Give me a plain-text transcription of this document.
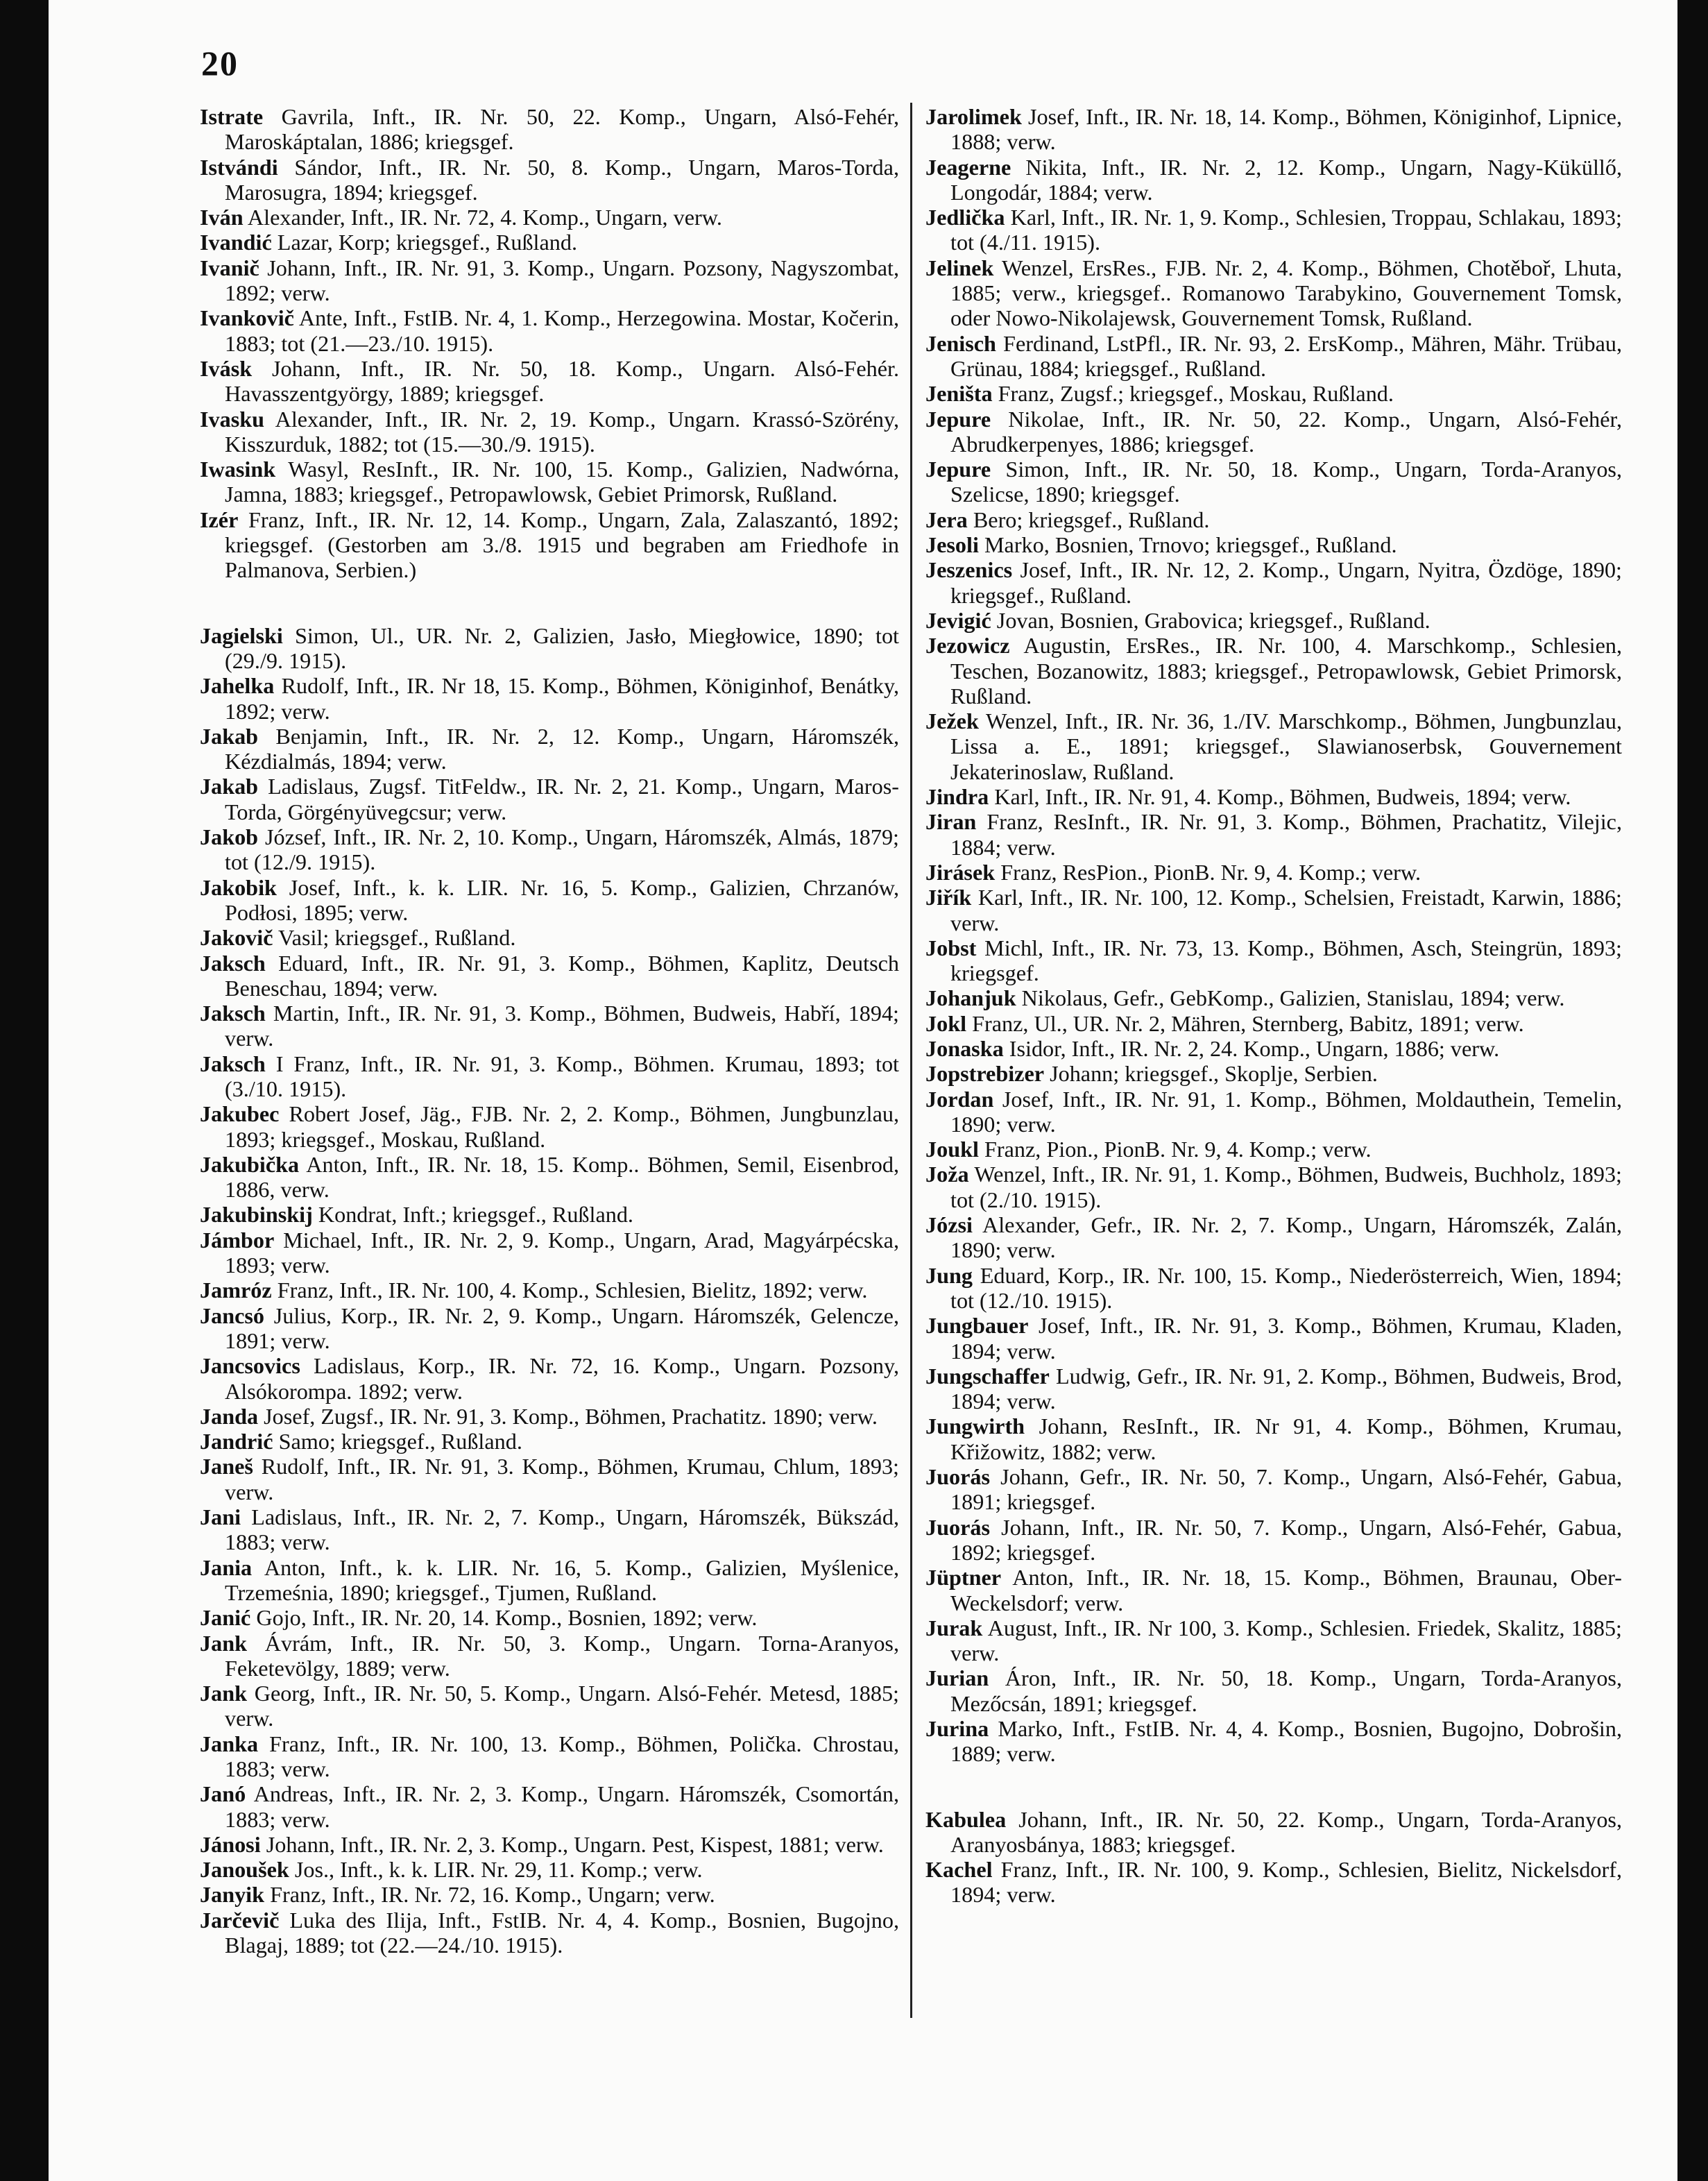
20

Istrate Gavrila, Inft., IR. Nr. 50, 22. Komp., Ungarn, Alsó-Fehér, Maroskáptalan, 1886; kriegsgef.

Istvándi Sándor, Inft., IR. Nr. 50, 8. Komp., Ungarn, Maros-Torda, Marosugra, 1894; kriegsgef.

Iván Alexander, Inft., IR. Nr. 72, 4. Komp., Ungarn, verw.

Ivandić Lazar, Korp; kriegsgef., Rußland.

Ivanič Johann, Inft., IR. Nr. 91, 3. Komp., Ungarn. Pozsony, Nagyszombat, 1892; verw.

Ivankovič Ante, Inft., FstIB. Nr. 4, 1. Komp., Herzegowina. Mostar, Kočerin, 1883; tot (21.—23./10. 1915).

Ivásk Johann, Inft., IR. Nr. 50, 18. Komp., Ungarn. Alsó-Fehér. Havasszentgyörgy, 1889; kriegsgef.

Ivasku Alexander, Inft., IR. Nr. 2, 19. Komp., Ungarn. Krassó-Szörény, Kisszurduk, 1882; tot (15.—30./9. 1915).

Iwasink Wasyl, ResInft., IR. Nr. 100, 15. Komp., Galizien, Nadwórna, Jamna, 1883; kriegsgef., Petropawlowsk, Gebiet Primorsk, Rußland.

Izér Franz, Inft., IR. Nr. 12, 14. Komp., Ungarn, Zala, Zalaszantó, 1892; kriegsgef. (Gestorben am 3./8. 1915 und begraben am Friedhofe in Palmanova, Serbien.)

Jagielski Simon, Ul., UR. Nr. 2, Galizien, Jasło, Miegłowice, 1890; tot (29./9. 1915).

Jahelka Rudolf, Inft., IR. Nr 18, 15. Komp., Böhmen, Königinhof, Benátky, 1892; verw.

Jakab Benjamin, Inft., IR. Nr. 2, 12. Komp., Ungarn, Háromszék, Kézdialmás, 1894; verw.

Jakab Ladislaus, Zugsf. TitFeldw., IR. Nr. 2, 21. Komp., Ungarn, Maros-Torda, Görgényüvegcsur; verw.

Jakob József, Inft., IR. Nr. 2, 10. Komp., Ungarn, Háromszék, Almás, 1879; tot (12./9. 1915).

Jakobik Josef, Inft., k. k. LIR. Nr. 16, 5. Komp., Galizien, Chrzanów, Podłosi, 1895; verw.

Jakovič Vasil; kriegsgef., Rußland.

Jaksch Eduard, Inft., IR. Nr. 91, 3. Komp., Böhmen, Kaplitz, Deutsch Beneschau, 1894; verw.

Jaksch Martin, Inft., IR. Nr. 91, 3. Komp., Böhmen, Budweis, Habří, 1894; verw.

Jaksch I Franz, Inft., IR. Nr. 91, 3. Komp., Böhmen. Krumau, 1893; tot (3./10. 1915).

Jakubec Robert Josef, Jäg., FJB. Nr. 2, 2. Komp., Böhmen, Jungbunzlau, 1893; kriegsgef., Moskau, Rußland.

Jakubička Anton, Inft., IR. Nr. 18, 15. Komp.. Böhmen, Semil, Eisenbrod, 1886, verw.

Jakubinskij Kondrat, Inft.; kriegsgef., Rußland.

Jámbor Michael, Inft., IR. Nr. 2, 9. Komp., Ungarn, Arad, Magyárpécska, 1893; verw.

Jamróz Franz, Inft., IR. Nr. 100, 4. Komp., Schlesien, Bielitz, 1892; verw.

Jancsó Julius, Korp., IR. Nr. 2, 9. Komp., Ungarn. Háromszék, Gelencze, 1891; verw.

Jancsovics Ladislaus, Korp., IR. Nr. 72, 16. Komp., Ungarn. Pozsony, Alsókorompa. 1892; verw.

Janda Josef, Zugsf., IR. Nr. 91, 3. Komp., Böhmen, Prachatitz. 1890; verw.

Jandrić Samo; kriegsgef., Rußland.

Janeš Rudolf, Inft., IR. Nr. 91, 3. Komp., Böhmen, Krumau, Chlum, 1893; verw.

Jani Ladislaus, Inft., IR. Nr. 2, 7. Komp., Ungarn, Háromszék, Bükszád, 1883; verw.

Jania Anton, Inft., k. k. LIR. Nr. 16, 5. Komp., Galizien, Myślenice, Trzemeśnia, 1890; kriegsgef., Tjumen, Rußland.

Janić Gojo, Inft., IR. Nr. 20, 14. Komp., Bosnien, 1892; verw.

Jank Ávrám, Inft., IR. Nr. 50, 3. Komp., Ungarn. Torna-Aranyos, Feketevölgy, 1889; verw.

Jank Georg, Inft., IR. Nr. 50, 5. Komp., Ungarn. Alsó-Fehér. Metesd, 1885; verw.

Janka Franz, Inft., IR. Nr. 100, 13. Komp., Böhmen, Polička. Chrostau, 1883; verw.

Janó Andreas, Inft., IR. Nr. 2, 3. Komp., Ungarn. Háromszék, Csomortán, 1883; verw.

Jánosi Johann, Inft., IR. Nr. 2, 3. Komp., Ungarn. Pest, Kispest, 1881; verw.

Janoušek Jos., Inft., k. k. LIR. Nr. 29, 11. Komp.; verw.

Janyik Franz, Inft., IR. Nr. 72, 16. Komp., Ungarn; verw.

Jarčevič Luka des Ilija, Inft., FstIB. Nr. 4, 4. Komp., Bosnien, Bugojno, Blagaj, 1889; tot (22.—24./10. 1915).

Jarolimek Josef, Inft., IR. Nr. 18, 14. Komp., Böhmen, Königinhof, Lipnice, 1888; verw.

Jeagerne Nikita, Inft., IR. Nr. 2, 12. Komp., Ungarn, Nagy-Küküllő, Longodár, 1884; verw.

Jedlička Karl, Inft., IR. Nr. 1, 9. Komp., Schlesien, Troppau, Schlakau, 1893; tot (4./11. 1915).

Jelinek Wenzel, ErsRes., FJB. Nr. 2, 4. Komp., Böhmen, Chotěboř, Lhuta, 1885; verw., kriegsgef.. Romanowo Tarabykino, Gouvernement Tomsk, oder Nowo-Nikolajewsk, Gouvernement Tomsk, Rußland.

Jenisch Ferdinand, LstPfl., IR. Nr. 93, 2. ErsKomp., Mähren, Mähr. Trübau, Grünau, 1884; kriegsgef., Rußland.

Jeništa Franz, Zugsf.; kriegsgef., Moskau, Rußland.

Jepure Nikolae, Inft., IR. Nr. 50, 22. Komp., Ungarn, Alsó-Fehér, Abrudkerpenyes, 1886; kriegsgef.

Jepure Simon, Inft., IR. Nr. 50, 18. Komp., Ungarn, Torda-Aranyos, Szelicse, 1890; kriegsgef.

Jera Bero; kriegsgef., Rußland.

Jesoli Marko, Bosnien, Trnovo; kriegsgef., Rußland.

Jeszenics Josef, Inft., IR. Nr. 12, 2. Komp., Ungarn, Nyitra, Özdöge, 1890; kriegsgef., Rußland.

Jevigić Jovan, Bosnien, Grabovica; kriegsgef., Rußland.

Jezowicz Augustin, ErsRes., IR. Nr. 100, 4. Marschkomp., Schlesien, Teschen, Bozanowitz, 1883; kriegsgef., Petropawlowsk, Gebiet Primorsk, Rußland.

Ježek Wenzel, Inft., IR. Nr. 36, 1./IV. Marschkomp., Böhmen, Jungbunzlau, Lissa a. E., 1891; kriegsgef., Slawianoserbsk, Gouvernement Jekaterinoslaw, Rußland.

Jindra Karl, Inft., IR. Nr. 91, 4. Komp., Böhmen, Budweis, 1894; verw.

Jiran Franz, ResInft., IR. Nr. 91, 3. Komp., Böhmen, Prachatitz, Vilejic, 1884; verw.

Jirásek Franz, ResPion., PionB. Nr. 9, 4. Komp.; verw.

Jiřík Karl, Inft., IR. Nr. 100, 12. Komp., Schelsien, Freistadt, Karwin, 1886; verw.

Jobst Michl, Inft., IR. Nr. 73, 13. Komp., Böhmen, Asch, Steingrün, 1893; kriegsgef.

Johanjuk Nikolaus, Gefr., GebKomp., Galizien, Stanislau, 1894; verw.

Jokl Franz, Ul., UR. Nr. 2, Mähren, Sternberg, Babitz, 1891; verw.

Jonaska Isidor, Inft., IR. Nr. 2, 24. Komp., Ungarn, 1886; verw.

Jopstrebizer Johann; kriegsgef., Skoplje, Serbien.

Jordan Josef, Inft., IR. Nr. 91, 1. Komp., Böhmen, Moldauthein, Temelin, 1890; verw.

Joukl Franz, Pion., PionB. Nr. 9, 4. Komp.; verw.

Joža Wenzel, Inft., IR. Nr. 91, 1. Komp., Böhmen, Budweis, Buchholz, 1893; tot (2./10. 1915).

Józsi Alexander, Gefr., IR. Nr. 2, 7. Komp., Ungarn, Háromszék, Zalán, 1890; verw.

Jung Eduard, Korp., IR. Nr. 100, 15. Komp., Niederösterreich, Wien, 1894; tot (12./10. 1915).

Jungbauer Josef, Inft., IR. Nr. 91, 3. Komp., Böhmen, Krumau, Kladen, 1894; verw.

Jungschaffer Ludwig, Gefr., IR. Nr. 91, 2. Komp., Böhmen, Budweis, Brod, 1894; verw.

Jungwirth Johann, ResInft., IR. Nr 91, 4. Komp., Böhmen, Krumau, Křižowitz, 1882; verw.

Juorás Johann, Gefr., IR. Nr. 50, 7. Komp., Ungarn, Alsó-Fehér, Gabua, 1891; kriegsgef.

Juorás Johann, Inft., IR. Nr. 50, 7. Komp., Ungarn, Alsó-Fehér, Gabua, 1892; kriegsgef.

Jüptner Anton, Inft., IR. Nr. 18, 15. Komp., Böhmen, Braunau, Ober-Weckelsdorf; verw.

Jurak August, Inft., IR. Nr 100, 3. Komp., Schlesien. Friedek, Skalitz, 1885; verw.

Jurian Áron, Inft., IR. Nr. 50, 18. Komp., Ungarn, Torda-Aranyos, Mezőcsán, 1891; kriegsgef.

Jurina Marko, Inft., FstIB. Nr. 4, 4. Komp., Bosnien, Bugojno, Dobrošin, 1889; verw.

Kabulea Johann, Inft., IR. Nr. 50, 22. Komp., Ungarn, Torda-Aranyos, Aranyosbánya, 1883; kriegsgef.

Kachel Franz, Inft., IR. Nr. 100, 9. Komp., Schlesien, Bielitz, Nickelsdorf, 1894; verw.
